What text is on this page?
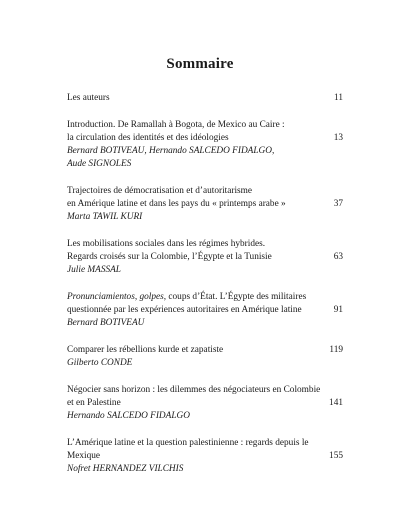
Sommaire
Les auteurs	11
Introduction. De Ramallah à Bogota, de Mexico au Caire :
la circulation des identités et des idéologies	13
Bernard BOTIVEAU, Hernando SALCEDO FIDALGO,
Aude SIGNOLES
Trajectoires de démocratisation et d’autoritarisme
en Amérique latine et dans les pays du « printemps arabe »	37
Marta TAWIL KURI
Les mobilisations sociales dans les régimes hybrides.
Regards croisés sur la Colombie, l’Égypte et la Tunisie	63
Julie MASSAL
Pronunciamientos, golpes, coups d’État. L’Égypte des militaires
questionnée par les expériences autoritaires en Amérique latine	91
Bernard BOTIVEAU
Comparer les rébellions kurde et zapatiste	119
Gilberto CONDE
Négocier sans horizon : les dilemmes des négociateurs en Colombie
et en Palestine	141
Hernando SALCEDO FIDALGO
L’Amérique latine et la question palestinienne : regards depuis le
Mexique	155
Nofret HERNANDEZ VILCHIS
